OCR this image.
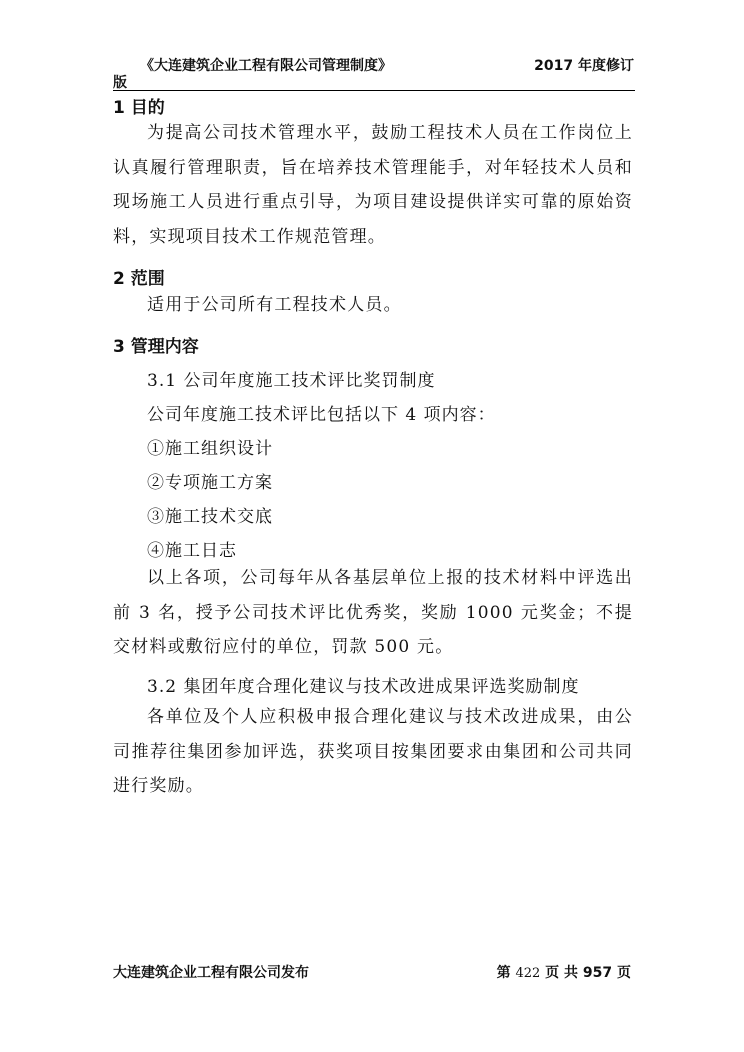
《大连建筑企业工程有限公司管理制度》	2017 年度修订
版
1 目的
为提高公司技术管理水平，鼓励工程技术人员在工作岗位上认真履行管理职责，旨在培养技术管理能手，对年轻技术人员和现场施工人员进行重点引导，为项目建设提供详实可靠的原始资料，实现项目技术工作规范管理。
2 范围
适用于公司所有工程技术人员。
3 管理内容
3.1 公司年度施工技术评比奖罚制度
公司年度施工技术评比包括以下 4 项内容：
①施工组织设计
②专项施工方案
③施工技术交底
④施工日志
以上各项，公司每年从各基层单位上报的技术材料中评选出前 3 名，授予公司技术评比优秀奖，奖励 1000 元奖金；不提交材料或敷衍应付的单位，罚款 500 元。
3.2 集团年度合理化建议与技术改进成果评选奖励制度
各单位及个人应积极申报合理化建议与技术改进成果，由公司推荐往集团参加评选，获奖项目按集团要求由集团和公司共同进行奖励。
大连建筑企业工程有限公司发布	第 422 页 共 957 页
